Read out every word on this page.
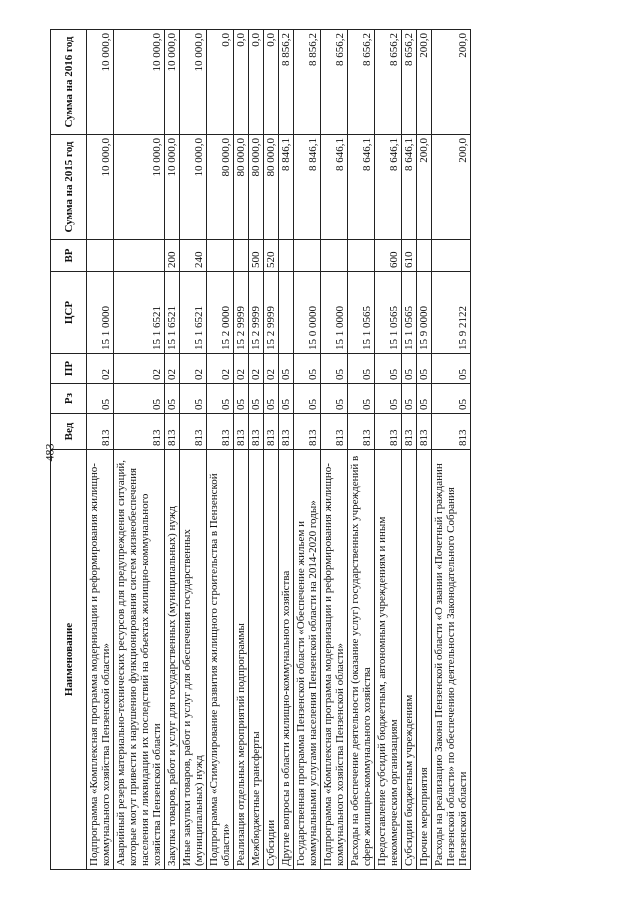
483
Наименование	Вед	Рз	ПР	ЦСР	ВР	Сумма на 2015 год	Сумма на 2016 год
Подпрограмма «Комплексная программа модернизации и реформирования жилищно-коммунального хозяйства Пензенской области»	813	05	02	15 1 0000		10 000,0	10 000,0
Аварийный резерв материально-технических ресурсов для предупреждения ситуаций, которые могут привести к нарушению функционирования систем жизнеобеспечения населения и ликвидации их последствий на объектах жилищно-коммунального хозяйства Пензенской области	813	05	02	15 1 6521		10 000,0	10 000,0
Закупка товаров, работ и услуг для государственных (муниципальных) нужд	813	05	02	15 1 6521	200	10 000,0	10 000,0
Иные закупки товаров, работ и услуг для обеспечения государственных (муниципальных) нужд	813	05	02	15 1 6521	240	10 000,0	10 000,0
Подпрограмма «Стимулирование развития жилищного строительства в Пензенской области»	813	05	02	15 2 0000		80 000,0	0,0
Реализация отдельных мероприятий подпрограммы	813	05	02	15 2 9999		80 000,0	0,0
Межбюджетные трансферты	813	05	02	15 2 9999	500	80 000,0	0,0
Субсидии	813	05	02	15 2 9999	520	80 000,0	0,0
Другие вопросы в области жилищно-коммунального хозяйства	813	05	05			8 846,1	8 856,2
Государственная программа Пензенской области «Обеспечение жильем и коммунальными услугами населения Пензенской области на 2014-2020 годы»	813	05	05	15 0 0000		8 846,1	8 856,2
Подпрограмма «Комплексная программа модернизации и реформирования жилищно-коммунального хозяйства Пензенской области»	813	05	05	15 1 0000		8 646,1	8 656,2
Расходы на обеспечение деятельности (оказание услуг) государственных учреждений в сфере жилищно-коммунального хозяйства	813	05	05	15 1 0565		8 646,1	8 656,2
Предоставление субсидий бюджетным, автономным учреждениям и иным некоммерческим организациям	813	05	05	15 1 0565	600	8 646,1	8 656,2
Субсидии бюджетным учреждениям	813	05	05	15 1 0565	610	8 646,1	8 656,2
Прочие мероприятия	813	05	05	15 9 0000		200,0	200,0
Расходы на реализацию Закона Пензенской области «О звании «Почетный гражданин Пензенской области» по обеспечению деятельности Законодательного Собрания Пензенской области	813	05	05	15 9 2122		200,0	200,0
